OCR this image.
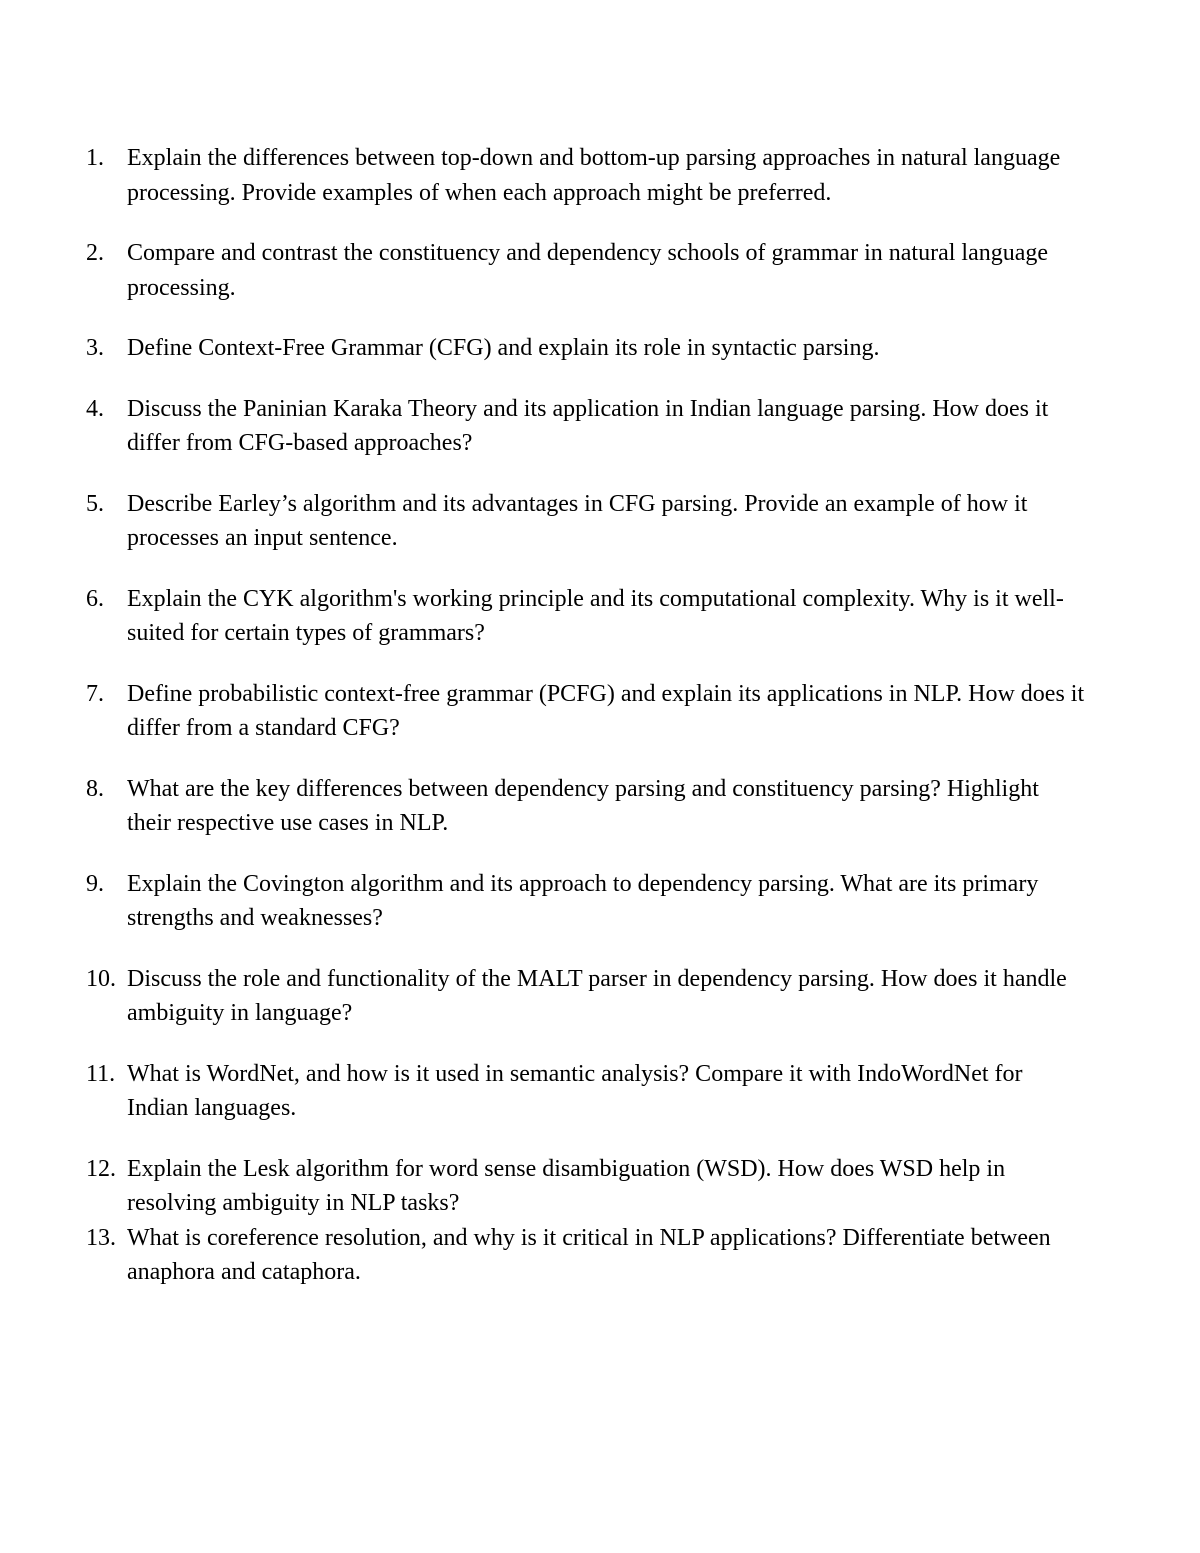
1. Explain the differences between top-down and bottom-up parsing approaches in natural language processing. Provide examples of when each approach might be preferred.
2. Compare and contrast the constituency and dependency schools of grammar in natural language processing.
3. Define Context-Free Grammar (CFG) and explain its role in syntactic parsing.
4. Discuss the Paninian Karaka Theory and its application in Indian language parsing. How does it differ from CFG-based approaches?
5. Describe Earley’s algorithm and its advantages in CFG parsing. Provide an example of how it processes an input sentence.
6. Explain the CYK algorithm's working principle and its computational complexity. Why is it well-suited for certain types of grammars?
7. Define probabilistic context-free grammar (PCFG) and explain its applications in NLP. How does it differ from a standard CFG?
8. What are the key differences between dependency parsing and constituency parsing? Highlight their respective use cases in NLP.
9. Explain the Covington algorithm and its approach to dependency parsing. What are its primary strengths and weaknesses?
10. Discuss the role and functionality of the MALT parser in dependency parsing. How does it handle ambiguity in language?
11. What is WordNet, and how is it used in semantic analysis? Compare it with IndoWordNet for Indian languages.
12. Explain the Lesk algorithm for word sense disambiguation (WSD). How does WSD help in resolving ambiguity in NLP tasks?
13. What is coreference resolution, and why is it critical in NLP applications? Differentiate between anaphora and cataphora.
